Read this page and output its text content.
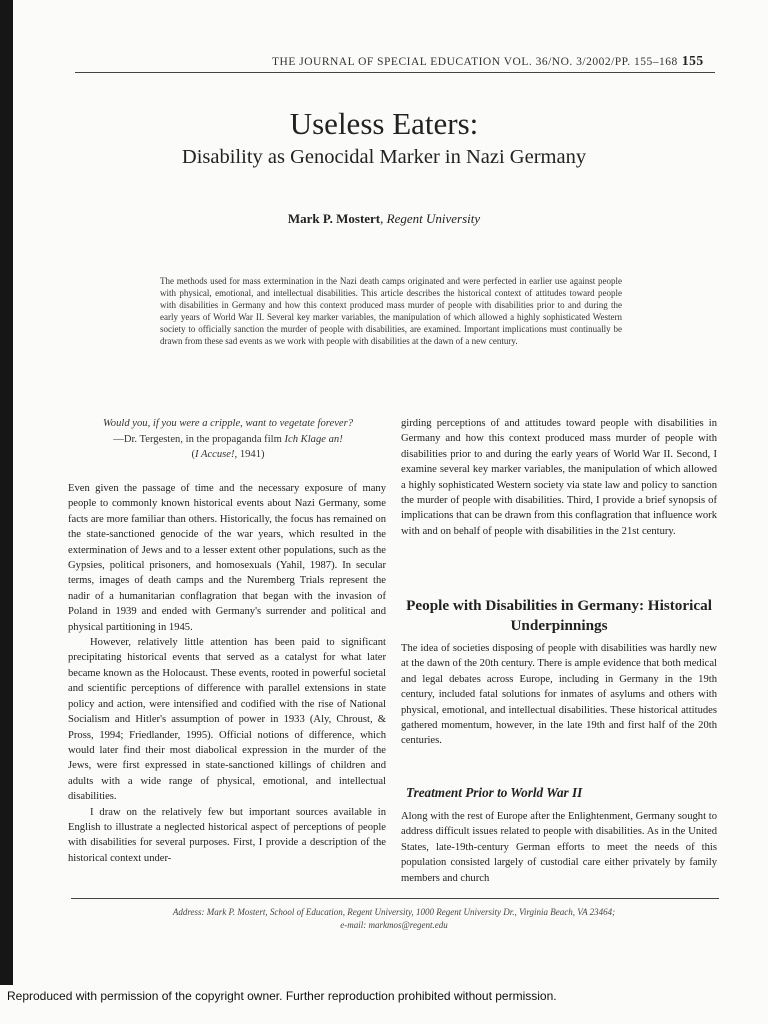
THE JOURNAL OF SPECIAL EDUCATION VOL. 36/NO. 3/2002/PP. 155–168 155
Useless Eaters:
Disability as Genocidal Marker in Nazi Germany
Mark P. Mostert, Regent University
The methods used for mass extermination in the Nazi death camps originated and were perfected in earlier use against people with physical, emotional, and intellectual disabilities. This article describes the historical context of attitudes toward people with disabilities in Germany and how this context produced mass murder of people with disabilities prior to and during the early years of World War II. Several key marker variables, the manipulation of which allowed a highly sophisticated Western society to officially sanction the murder of people with disabilities, are examined. Important implications must continually be drawn from these sad events as we work with people with disabilities at the dawn of a new century.
Would you, if you were a cripple, want to vegetate forever?
—Dr. Tergesten, in the propaganda film Ich Klage an!
(I Accuse!, 1941)

Even given the passage of time and the necessary exposure of many people to commonly known historical events about Nazi Germany, some facts are more familiar than others. Historically, the focus has remained on the state-sanctioned genocide of the war years, which resulted in the extermination of Jews and to a lesser extent other populations, such as the Gypsies, political prisoners, and homosexuals (Yahil, 1987). In secular terms, images of death camps and the Nuremberg Trials represent the nadir of a humanitarian conflagration that began with the invasion of Poland in 1939 and ended with Germany's surrender and political and physical partitioning in 1945.

However, relatively little attention has been paid to significant precipitating historical events that served as a catalyst for what later became known as the Holocaust. These events, rooted in powerful societal and scientific perceptions of difference with parallel extensions in state policy and action, were intensified and codified with the rise of National Socialism and Hitler's assumption of power in 1933 (Aly, Chroust, & Pross, 1994; Friedlander, 1995). Official notions of difference, which would later find their most diabolical expression in the murder of the Jews, were first expressed in state-sanctioned killings of children and adults with a wide range of physical, emotional, and intellectual disabilities.

I draw on the relatively few but important sources available in English to illustrate a neglected historical aspect of perceptions of people with disabilities for several purposes. First, I provide a description of the historical context under-

girding perceptions of and attitudes toward people with disabilities in Germany and how this context produced mass murder of people with disabilities prior to and during the early years of World War II. Second, I examine several key marker variables, the manipulation of which allowed a highly sophisticated Western society via state law and policy to sanction the murder of people with disabilities. Third, I provide a brief synopsis of implications that can be drawn from this conflagration that influence work with and on behalf of people with disabilities in the 21st century.

People with Disabilities in Germany: Historical Underpinnings

The idea of societies disposing of people with disabilities was hardly new at the dawn of the 20th century. There is ample evidence that both medical and legal debates across Europe, including in Germany in the 19th century, included fatal solutions for inmates of asylums and others with physical, emotional, and intellectual disabilities. These historical attitudes gathered momentum, however, in the late 19th and first half of the 20th centuries.

Treatment Prior to World War II

Along with the rest of Europe after the Enlightenment, Germany sought to address difficult issues related to people with disabilities. As in the United States, late-19th-century German efforts to meet the needs of this population consisted largely of custodial care either privately by family members and church

Address: Mark P. Mostert, School of Education, Regent University, 1000 Regent University Dr., Virginia Beach, VA 23464;
e-mail: markmos@regent.edu
Reproduced with permission of the copyright owner. Further reproduction prohibited without permission.
